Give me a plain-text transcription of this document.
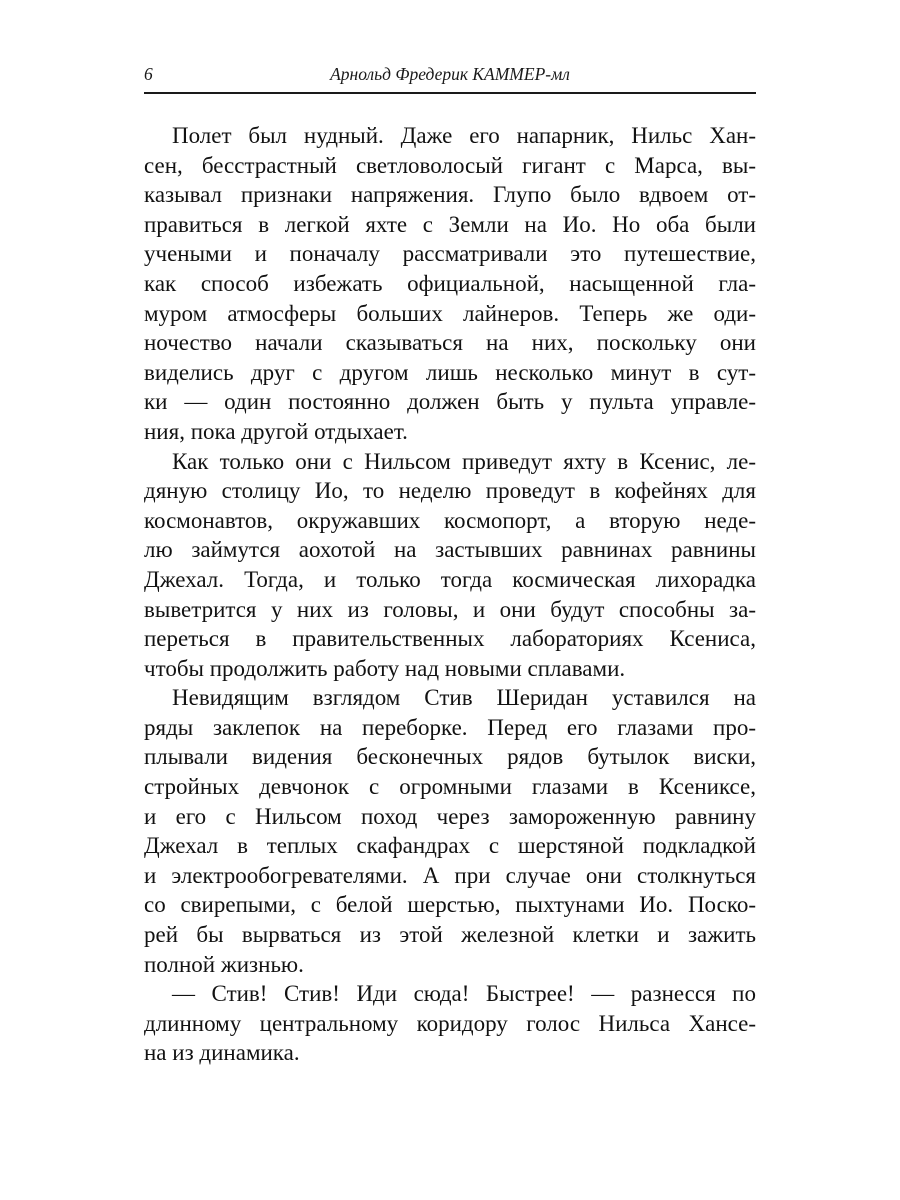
6	Арнольд Фредерик КАММЕР-мл
Полет был нудный. Даже его напарник, Нильс Хан-
сен, бесстрастный светловолосый гигант с Марса, вы-
казывал признаки напряжения. Глупо было вдвоем от-
правиться в легкой яхте с Земли на Ио. Но оба были
учеными и поначалу рассматривали это путешествие,
как способ избежать официальной, насыщенной гла-
муром атмосферы больших лайнеров. Теперь же оди-
ночество начали сказываться на них, поскольку они
виделись друг с другом лишь несколько минут в сут-
ки — один постоянно должен быть у пульта управле-
ния, пока другой отдыхает.
Как только они с Нильсом приведут яхту в Ксенис, ле-
дяную столицу Ио, то неделю проведут в кофейнях для
космонавтов, окружавших космопорт, а вторую неде-
лю займутся аохотой на застывших равнинах равнины
Джехал. Тогда, и только тогда космическая лихорадка
выветрится у них из головы, и они будут способны за-
переться в правительственных лабораториях Ксениса,
чтобы продолжить работу над новыми сплавами.
Невидящим взглядом Стив Шеридан уставился на
ряды заклепок на переборке. Перед его глазами про-
плывали видения бесконечных рядов бутылок виски,
стройных девчонок с огромными глазами в Ксениксе,
и его с Нильсом поход через замороженную равнину
Джехал в теплых скафандрах с шерстяной подкладкой
и электрообогревателями. А при случае они столкнуться
со свирепыми, с белой шерстью, пыхтунами Ио. Поско-
рей бы вырваться из этой железной клетки и зажить
полной жизнью.
— Стив! Стив! Иди сюда! Быстрее! — разнесся по
длинному центральному коридору голос Нильса Хансе-
на из динамика.
